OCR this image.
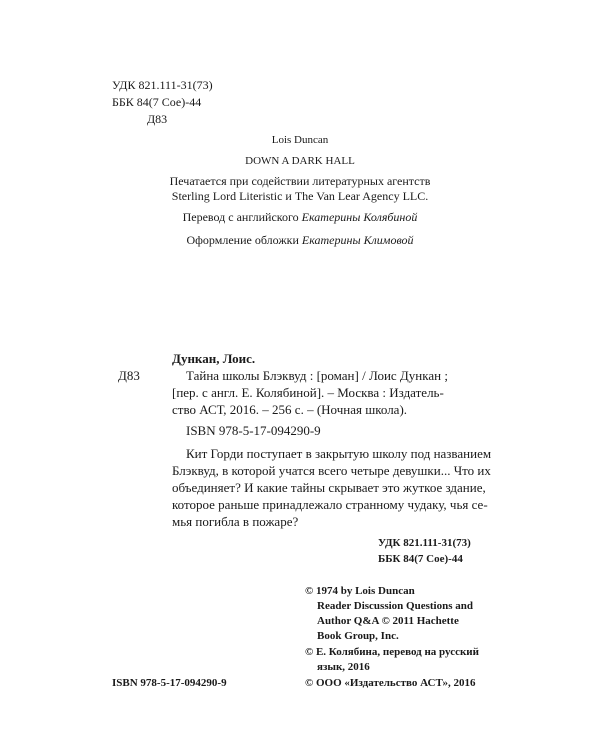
УДК 821.111-31(73)
ББК 84(7 Сое)-44
Д83
Lois Duncan
DOWN A DARK HALL
Печатается при содействии литературных агентств
Sterling Lord Literistic и The Van Lear Agency LLC.
Перевод с английского Екатерины Колябиной
Оформление обложки Екатерины Климовой
Дункан, Лоис.
Д83	Тайна школы Блэквуд : [роман] / Лоис Дункан ;
[пер. с англ. Е. Колябиной]. – Москва : Издатель-
ство АСТ, 2016. – 256 с. – (Ночная школа).
ISBN 978-5-17-094290-9
Кит Горди поступает в закрытую школу под названием
Блэквуд, в которой учатся всего четыре девушки... Что их
объединяет? И какие тайны скрывает это жуткое здание,
которое раньше принадлежало странному чудаку, чья се-
мья погибла в пожаре?
УДК 821.111-31(73)
ББК 84(7 Сое)-44
© 1974 by Lois Duncan
Reader Discussion Questions and
Author Q&A © 2011 Hachette
Book Group, Inc.
© Е. Колябина, перевод на русский
язык, 2016
© ООО «Издательство АСТ», 2016
ISBN 978-5-17-094290-9
